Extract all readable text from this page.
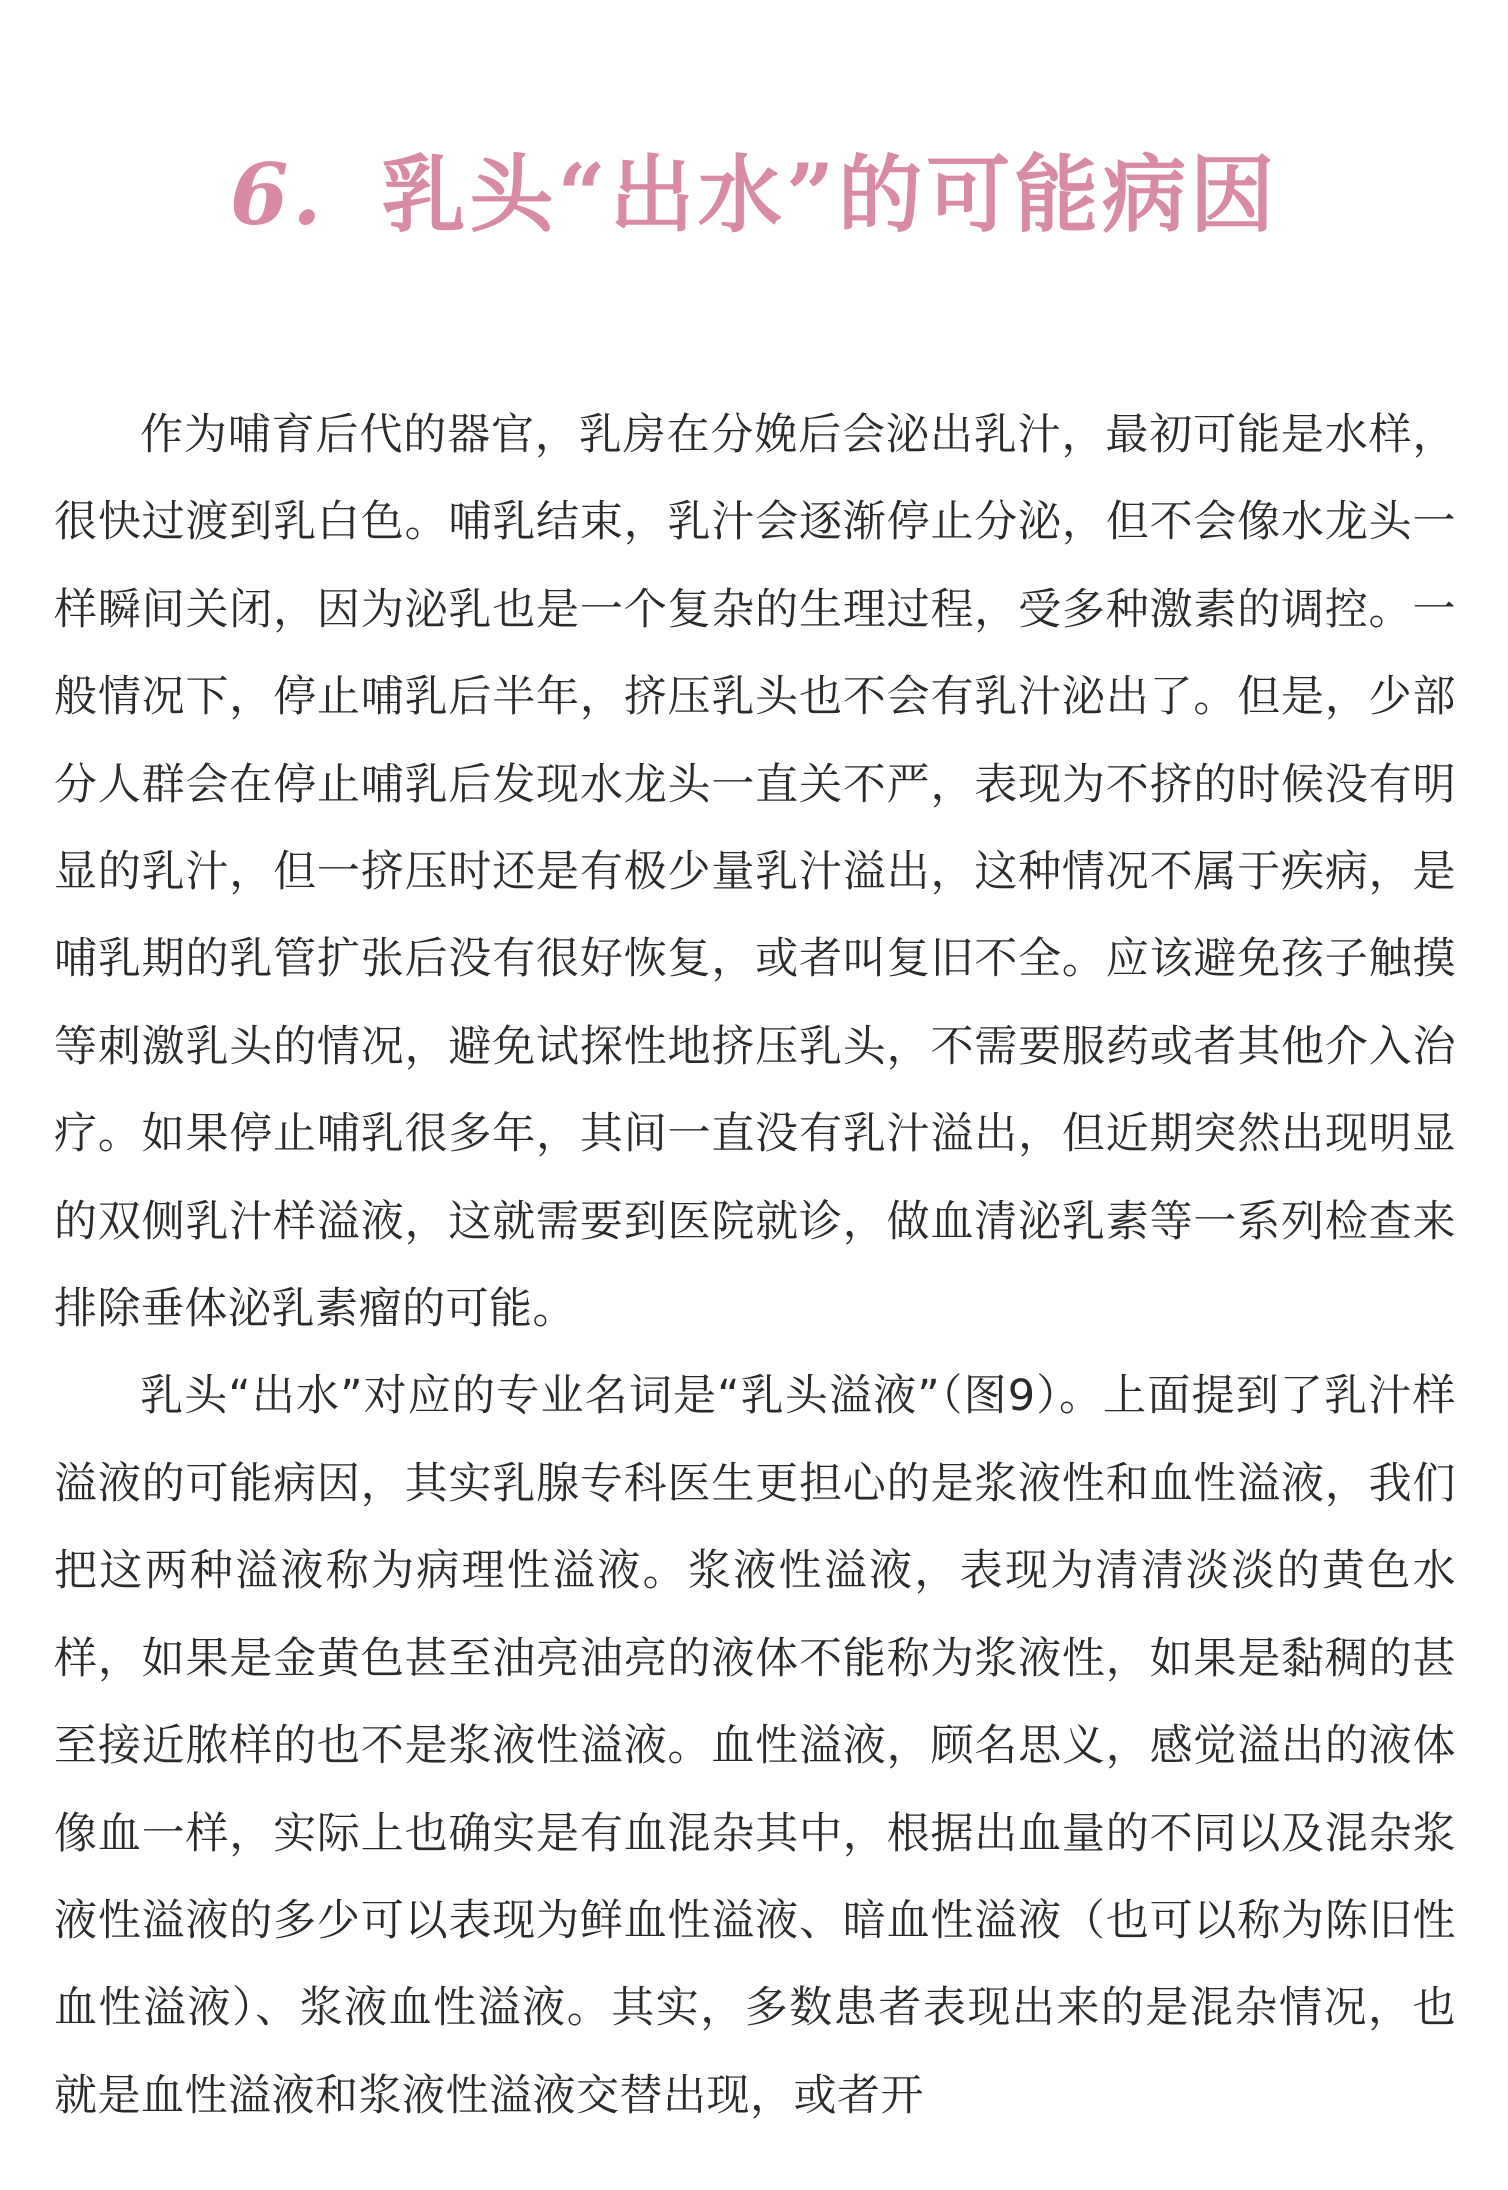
6. 乳头“出水”的可能病因

作为哺育后代的器官，乳房在分娩后会泌出乳汁，最初可能是水样，很快过渡到乳白色。哺乳结束，乳汁会逐渐停止分泌，但不会像水龙头一样瞬间关闭，因为泌乳也是一个复杂的生理过程，受多种激素的调控。一般情况下，停止哺乳后半年，挤压乳头也不会有乳汁泌出了。但是，少部分人群会在停止哺乳后发现水龙头一直关不严，表现为不挤的时候没有明显的乳汁，但一挤压时还是有极少量乳汁溢出，这种情况不属于疾病，是哺乳期的乳管扩张后没有很好恢复，或者叫复旧不全。应该避免孩子触摸等刺激乳头的情况，避免试探性地挤压乳头，不需要服药或者其他介入治疗。如果停止哺乳很多年，其间一直没有乳汁溢出，但近期突然出现明显的双侧乳汁样溢液，这就需要到医院就诊，做血清泌乳素等一系列检查来排除垂体泌乳素瘤的可能。

乳头“出水”对应的专业名词是“乳头溢液”（图9）。上面提到了乳汁样溢液的可能病因，其实乳腺专科医生更担心的是浆液性和血性溢液，我们把这两种溢液称为病理性溢液。浆液性溢液，表现为清清淡淡的黄色水样，如果是金黄色甚至油亮油亮的液体不能称为浆液性，如果是黏稠的甚至接近脓样的也不是浆液性溢液。血性溢液，顾名思义，感觉溢出的液体像血一样，实际上也确实是有血混杂其中，根据出血量的不同以及混杂浆液性溢液的多少可以表现为鲜血性溢液、暗血性溢液（也可以称为陈旧性血性溢液）、浆液血性溢液。其实，多数患者表现出来的是混杂情况，也就是血性溢液和浆液性溢液交替出现，或者开
